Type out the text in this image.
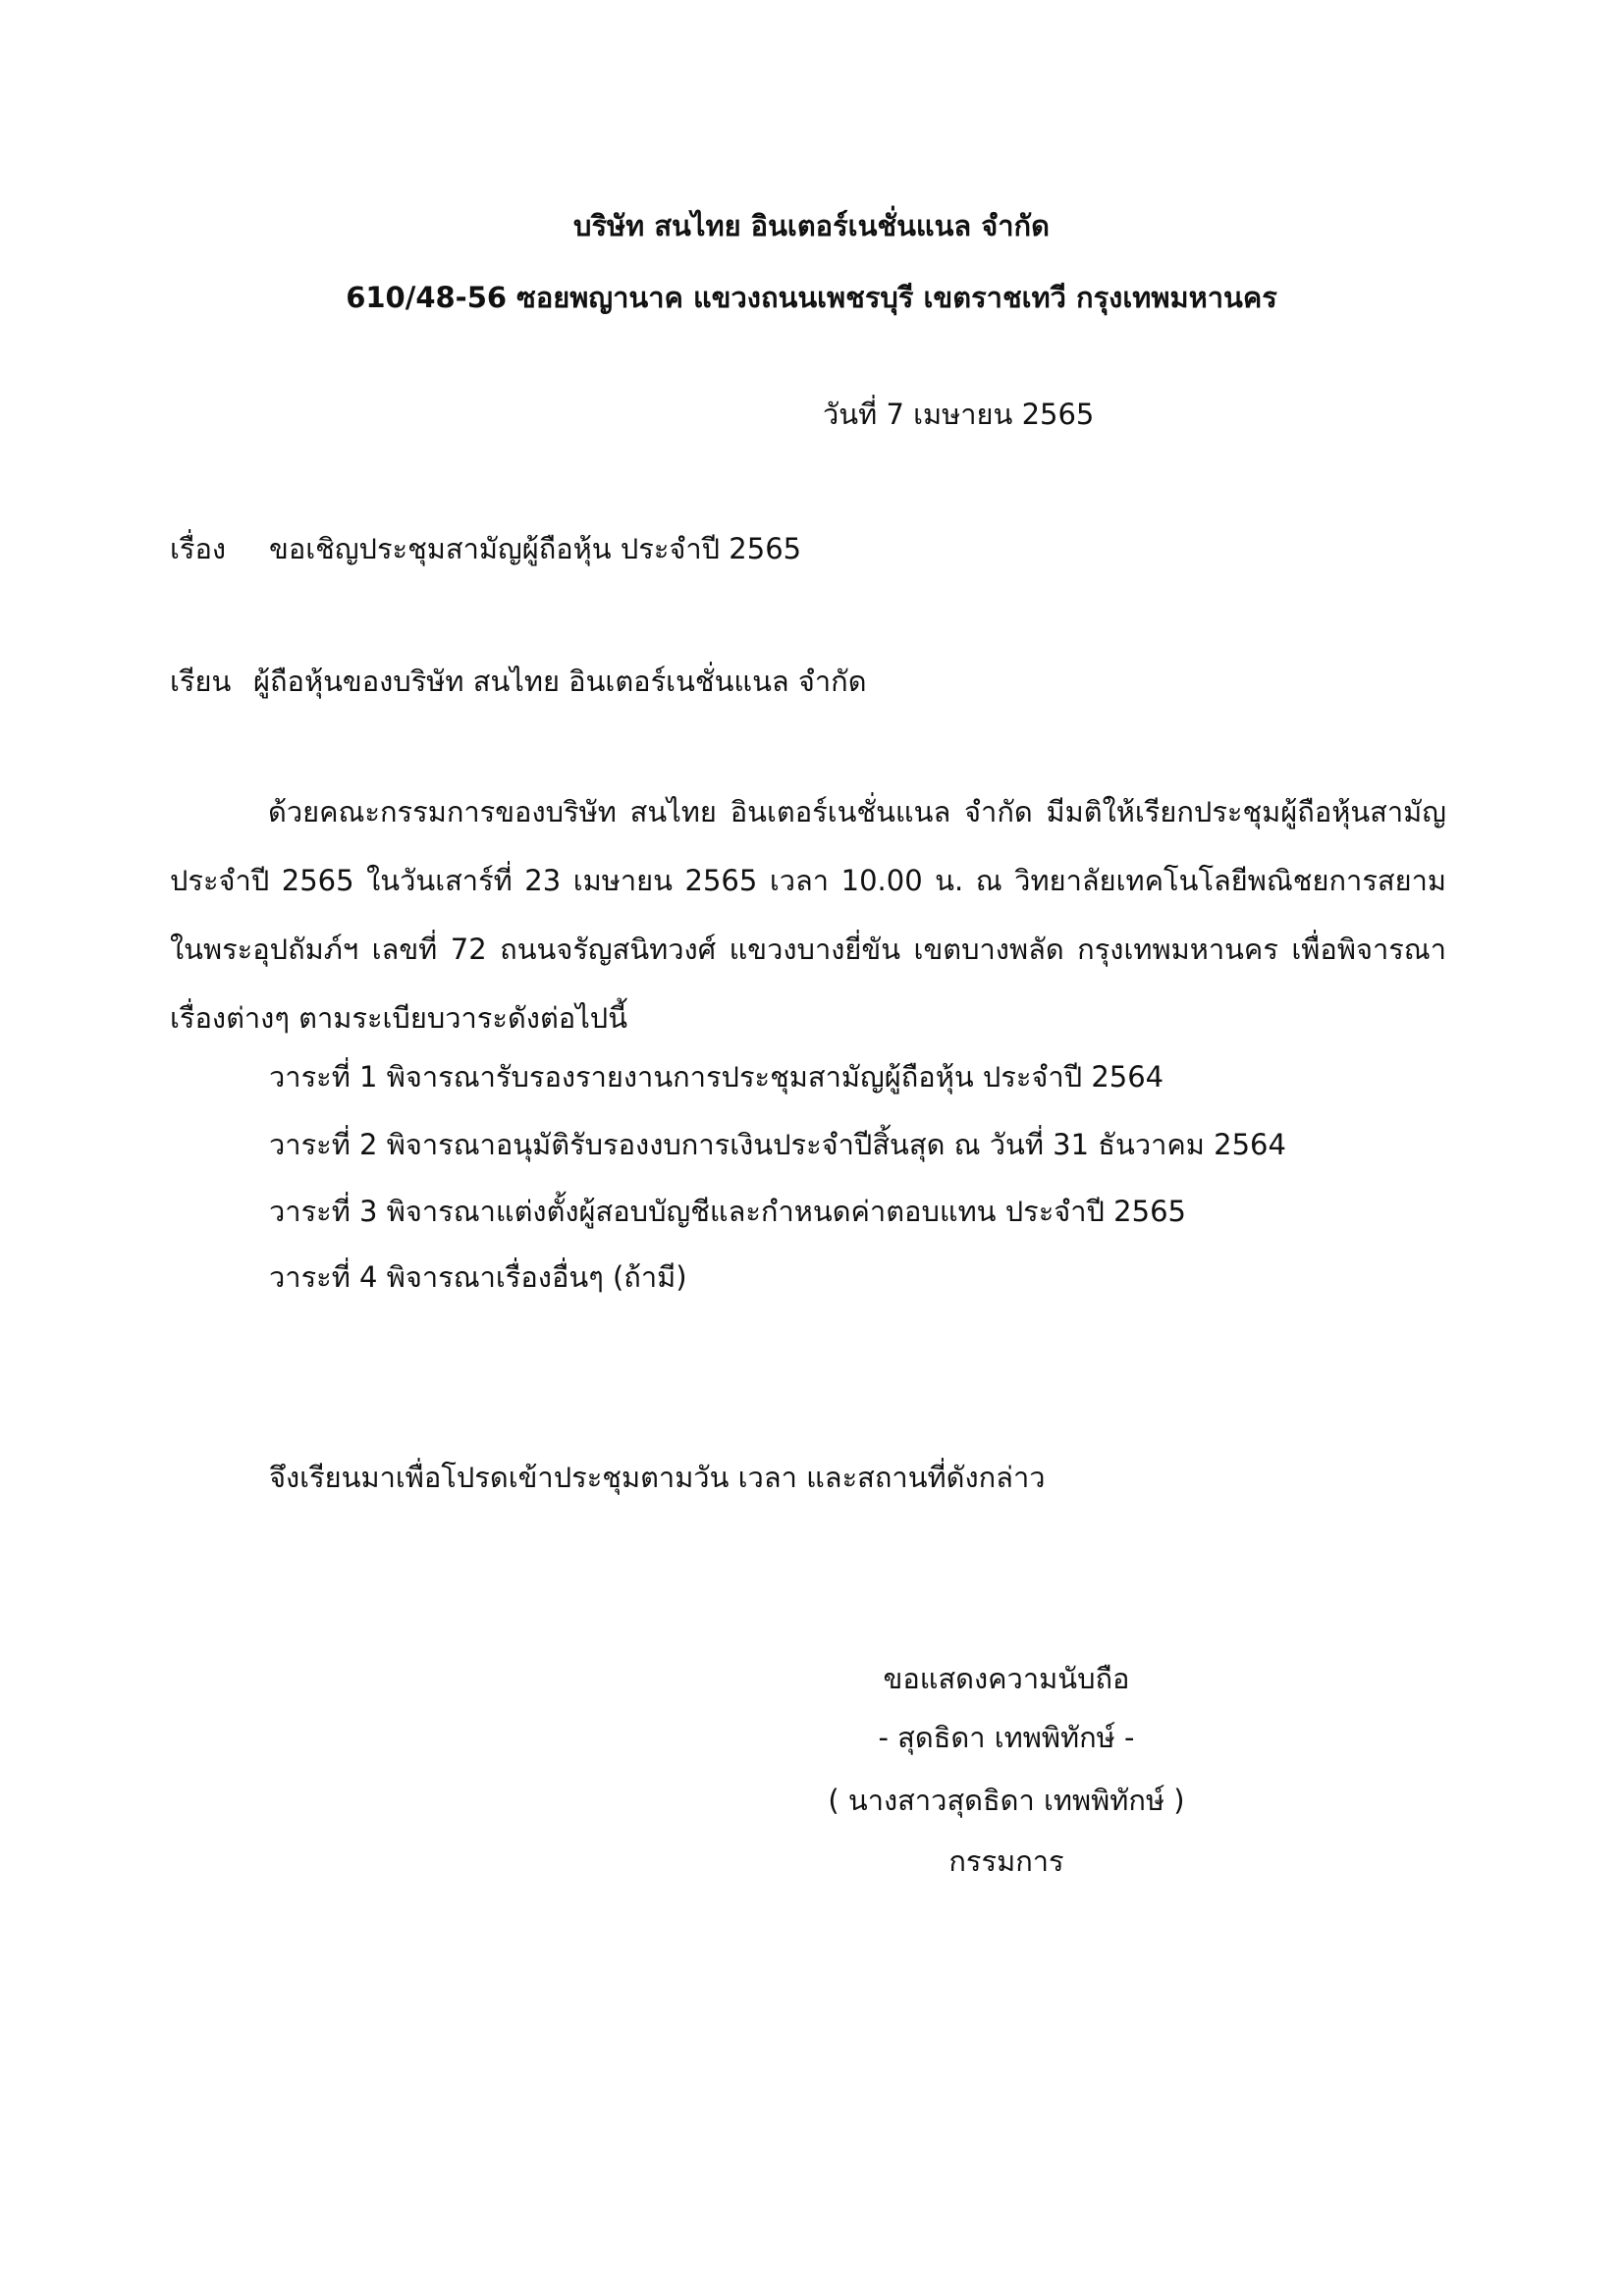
บริษัท สนไทย อินเตอร์เนชั่นแนล จำกัด
610/48-56 ซอยพญานาค แขวงถนนเพชรบุรี เขตราชเทวี กรุงเทพมหานคร
วันที่ 7 เมษายน 2565
เรื่อง ขอเชิญประชุมสามัญผู้ถือหุ้น ประจำปี 2565
เรียน ผู้ถือหุ้นของบริษัท สนไทย อินเตอร์เนชั่นแนล จำกัด
ด้วยคณะกรรมการของบริษัท สนไทย อินเตอร์เนชั่นแนล จำกัด มีมติให้เรียกประชุมผู้ถือหุ้นสามัญ ประจำปี 2565 ในวันเสาร์ที่ 23 เมษายน 2565 เวลา 10.00 น. ณ วิทยาลัยเทคโนโลยีพณิชยการสยาม ในพระอุปถัมภ์ฯ เลขที่ 72 ถนนจรัญสนิทวงศ์ แขวงบางยี่ขัน เขตบางพลัด กรุงเทพมหานคร เพื่อพิจารณาเรื่องต่างๆ ตามระเบียบวาระดังต่อไปนี้
วาระที่ 1 พิจารณารับรองรายงานการประชุมสามัญผู้ถือหุ้น ประจำปี 2564
วาระที่ 2 พิจารณาอนุมัติรับรองงบการเงินประจำปีสิ้นสุด ณ วันที่ 31 ธันวาคม 2564
วาระที่ 3 พิจารณาแต่งตั้งผู้สอบบัญชีและกำหนดค่าตอบแทน ประจำปี 2565
วาระที่ 4 พิจารณาเรื่องอื่นๆ (ถ้ามี)
จึงเรียนมาเพื่อโปรดเข้าประชุมตามวัน เวลา และสถานที่ดังกล่าว
ขอแสดงความนับถือ
- สุดธิดา เทพพิทักษ์ -
( นางสาวสุดธิดา เทพพิทักษ์ )
กรรมการ
